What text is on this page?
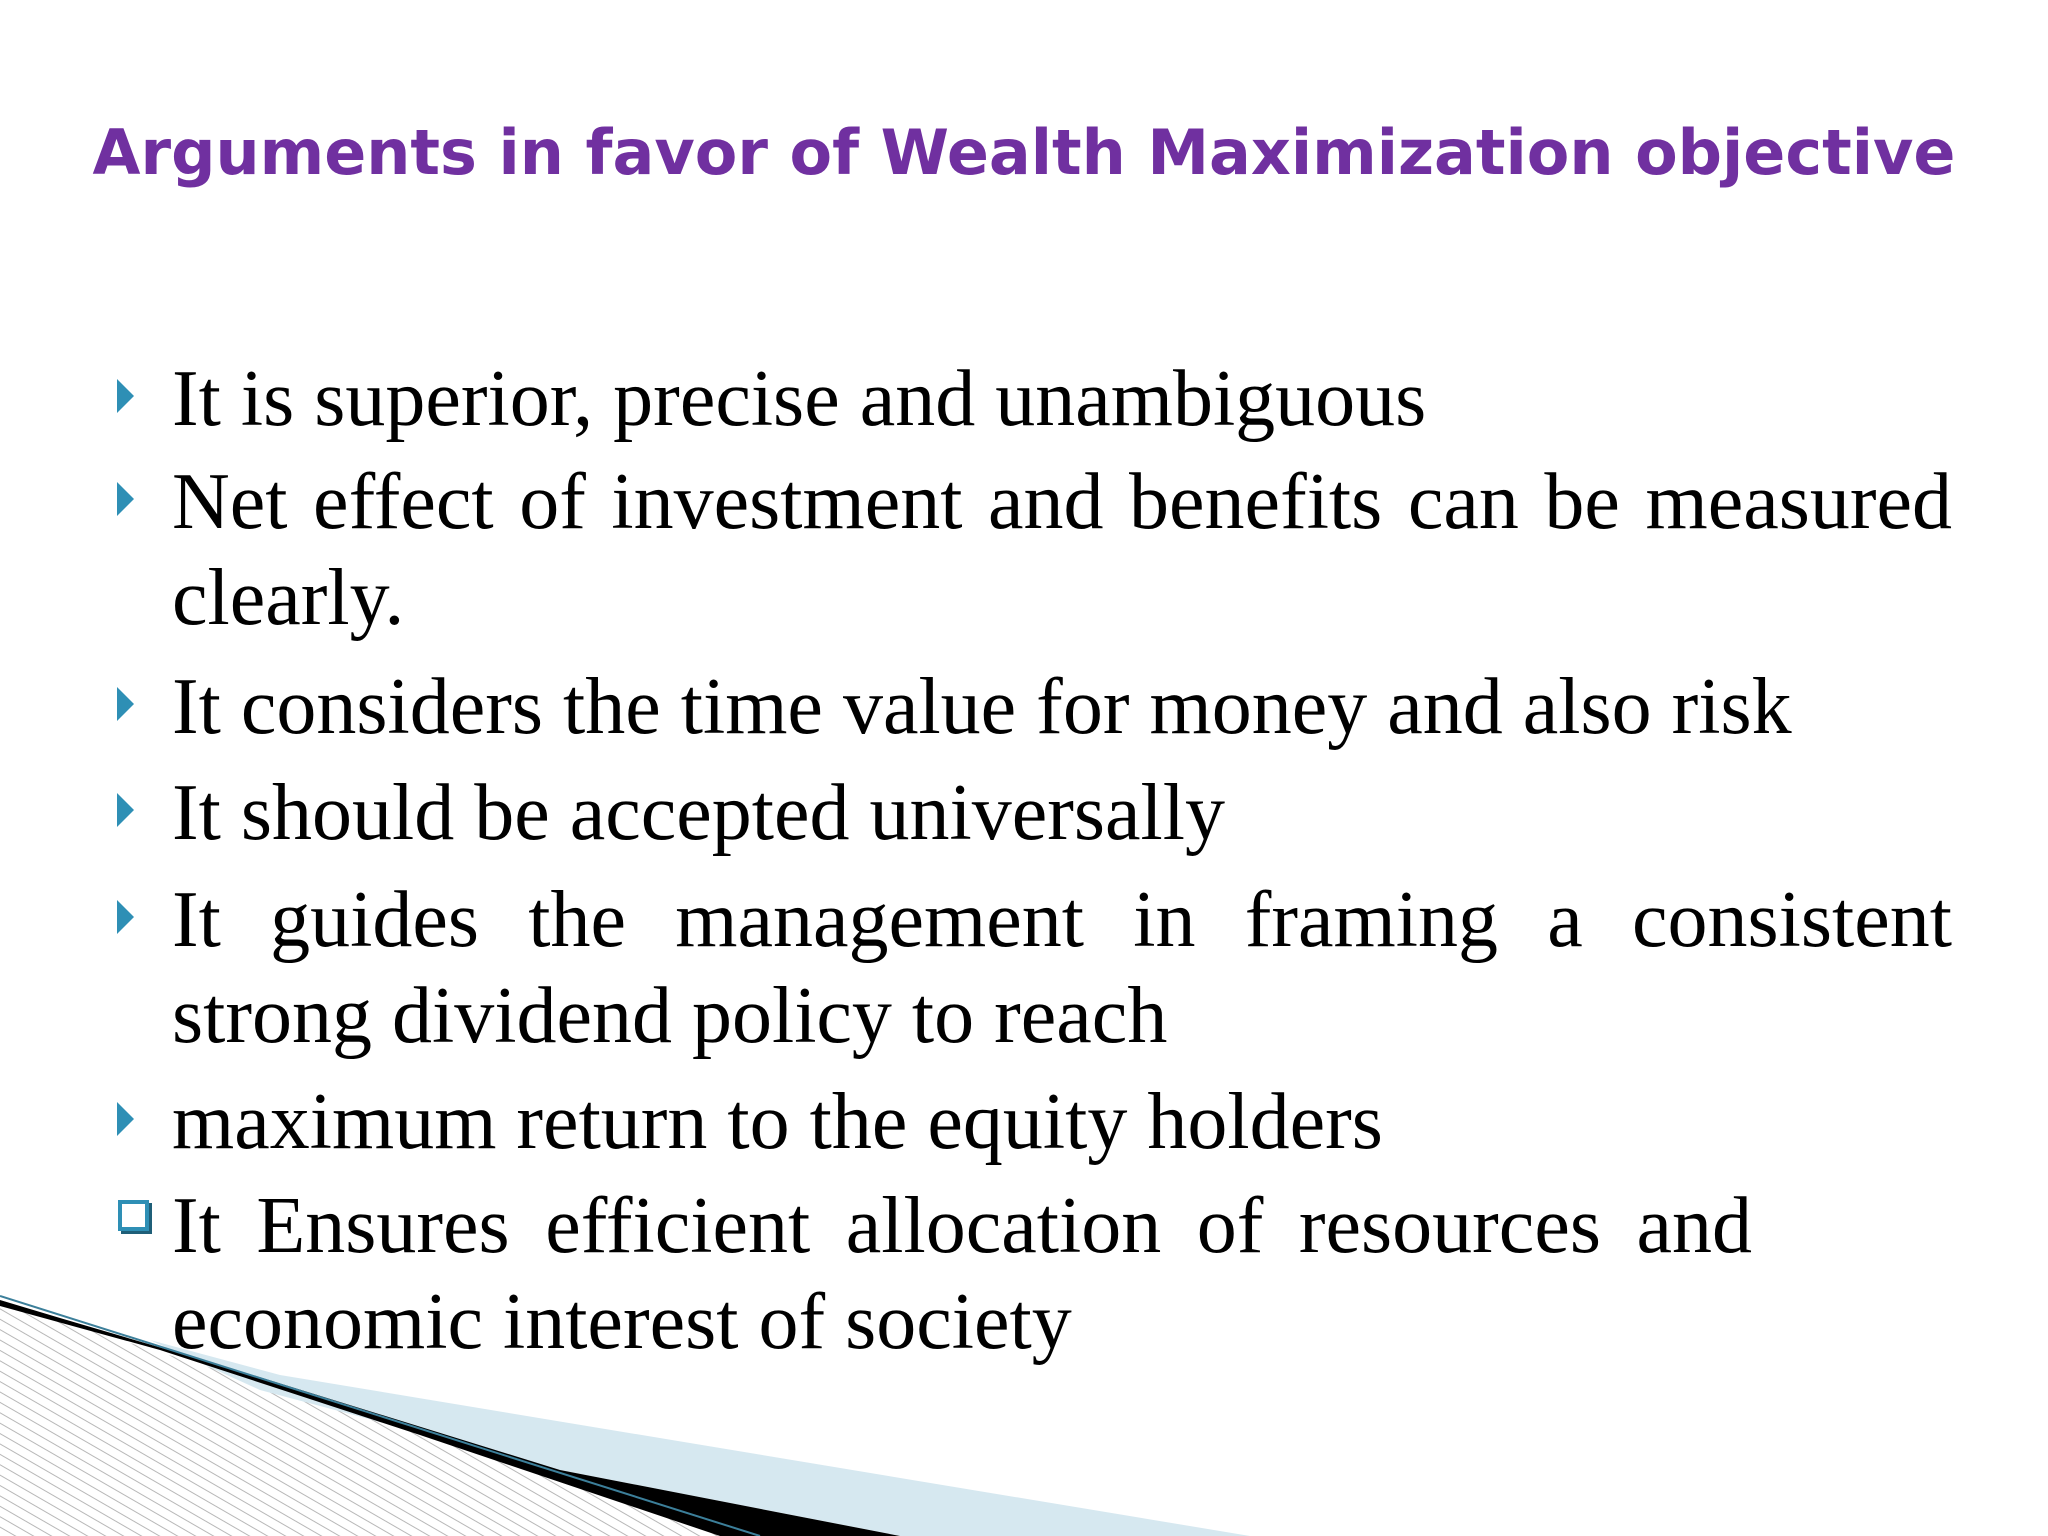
Arguments in favor of Wealth Maximization objective
It is superior, precise and unambiguous
Net effect of investment and benefits can be measured clearly.
It considers the time value for money and also risk
It should be accepted universally
It guides the management in framing a consistent strong dividend policy to reach
maximum return to the equity holders
It Ensures efficient allocation of resources and economic interest of society
